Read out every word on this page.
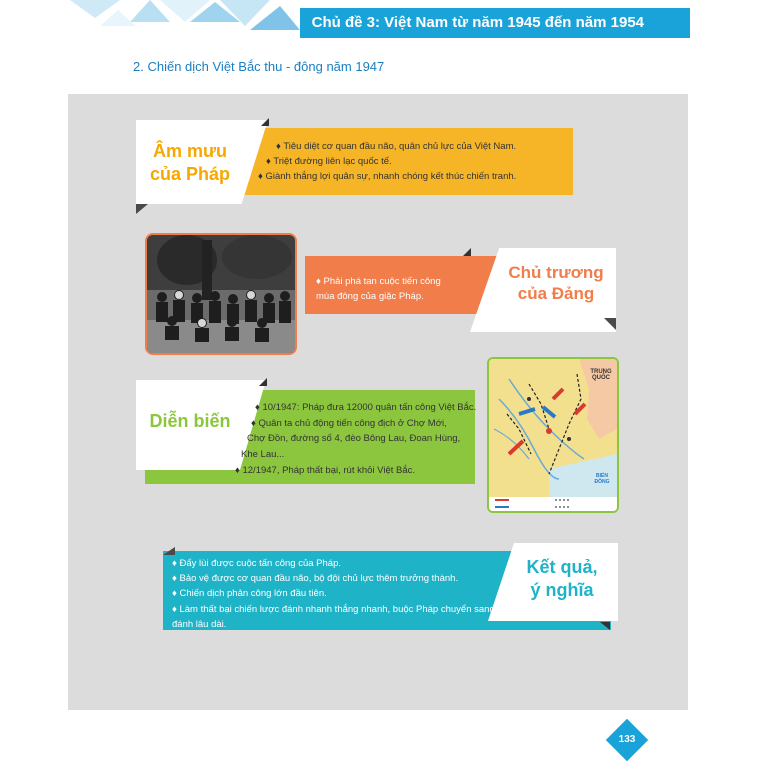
Chủ đề 3: Việt Nam từ năm 1945 đến năm 1954
2. Chiến dịch Việt Bắc thu - đông năm 1947
Âm mưu
của Pháp
♦ Tiêu diệt cơ quan đầu não, quân chủ lực của Việt Nam.
♦ Triệt đường liên lạc quốc tế.
♦ Giành thắng lợi quân sự, nhanh chóng kết thúc chiến tranh.
Chủ trương
của Đảng
♦ Phải phá tan cuộc tiến công
mùa đông của giặc Pháp.
Diễn biến
♦ 10/1947: Pháp đưa 12000 quân tấn công Việt Bắc.
♦ Quân ta chủ động tiến công địch ở Chợ Mới,
Chợ Đồn, đường số 4, đèo Bông Lau, Đoan Hùng,
Khe Lau...
♦ 12/1947, Pháp thất bại, rút khỏi Việt Bắc.
TRUNG QUỐC
BIỂN ĐÔNG
Kết quả,
ý nghĩa
♦ Đẩy lùi được cuộc tấn công của Pháp.
♦ Bảo vệ được cơ quan đầu não, bộ đội chủ lực thêm trưởng thành.
♦ Chiến dịch phản công lớn đầu tiên.
♦ Làm thất bại chiến lược đánh nhanh thắng nhanh, buộc Pháp chuyển sang
đánh lâu dài.
133
